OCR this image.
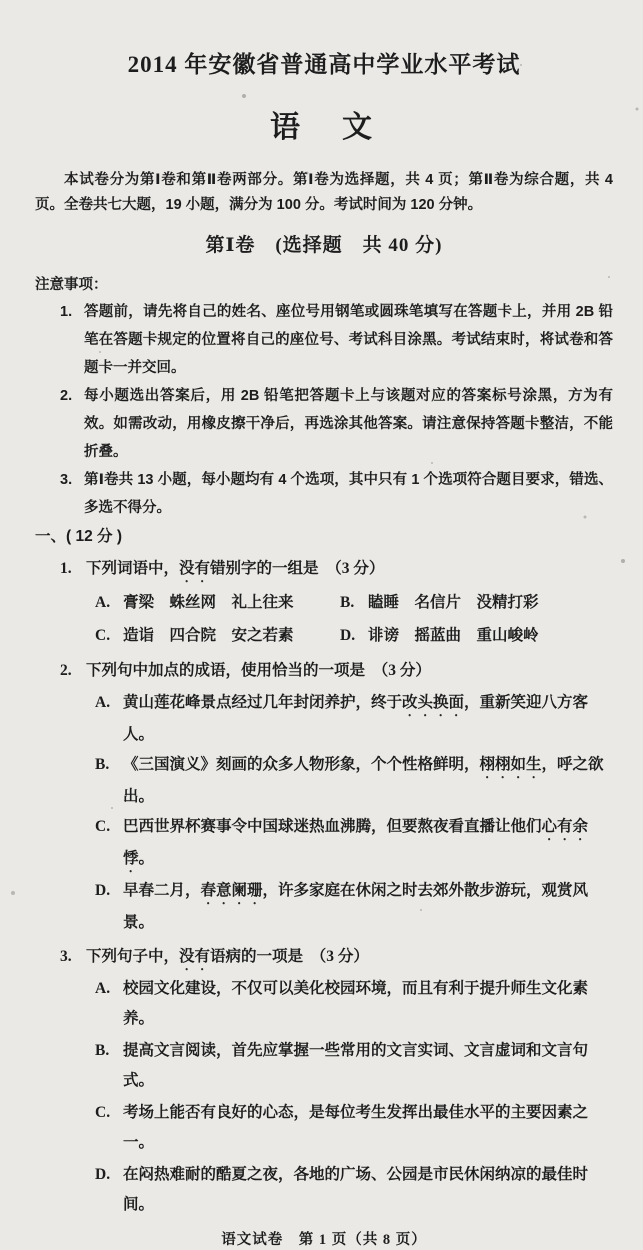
2014 年安徽省普通高中学业水平考试
语　文

本试卷分为第Ⅰ卷和第Ⅱ卷两部分。第Ⅰ卷为选择题，共 4 页；第Ⅱ卷为综合题，共 4 页。全卷共七大题，19 小题，满分为 100 分。考试时间为 120 分钟。

第Ⅰ卷　(选择题　共 40 分)
注意事项：
1. 答题前，请先将自己的姓名、座位号用钢笔或圆珠笔填写在答题卡上，并用 2B 铅笔在答题卡规定的位置将自己的座位号、考试科目涂黑。考试结束时，将试卷和答题卡一并交回。
2. 每小题选出答案后，用 2B 铅笔把答题卡上与该题对应的答案标号涂黑，方为有效。如需改动，用橡皮擦干净后，再选涂其他答案。请注意保持答题卡整洁，不能折叠。
3. 第Ⅰ卷共 13 小题，每小题均有 4 个选项，其中只有 1 个选项符合题目要求，错选、多选不得分。
一、( 12 分 )
1. 下列词语中，没有错别字的一组是　（3 分）
A. 膏梁　蛛丝网　礼上往来	B. 瞌睡　名信片　没精打彩
C. 造诣　四合院　安之若素	D. 诽谤　摇蓝曲　重山峻岭
2. 下列句中加点的成语，使用恰当的一项是　（3 分）
A. 黄山莲花峰景点经过几年封闭养护，终于改头换面，重新笑迎八方客人。
B. 《三国演义》刻画的众多人物形象，个个性格鲜明，栩栩如生，呼之欲出。
C. 巴西世界杯赛事令中国球迷热血沸腾，但要熬夜看直播让他们心有余悸。
D. 早春二月，春意阑珊，许多家庭在休闲之时去郊外散步游玩，观赏风景。
3. 下列句子中，没有语病的一项是　（3 分）
A. 校园文化建设，不仅可以美化校园环境，而且有利于提升师生文化素养。
B. 提高文言阅读，首先应掌握一些常用的文言实词、文言虚词和文言句式。
C. 考场上能否有良好的心态，是每位考生发挥出最佳水平的主要因素之一。
D. 在闷热难耐的酷夏之夜，各地的广场、公园是市民休闲纳凉的最佳时间。
语文试卷　第 1 页（共 8 页）
